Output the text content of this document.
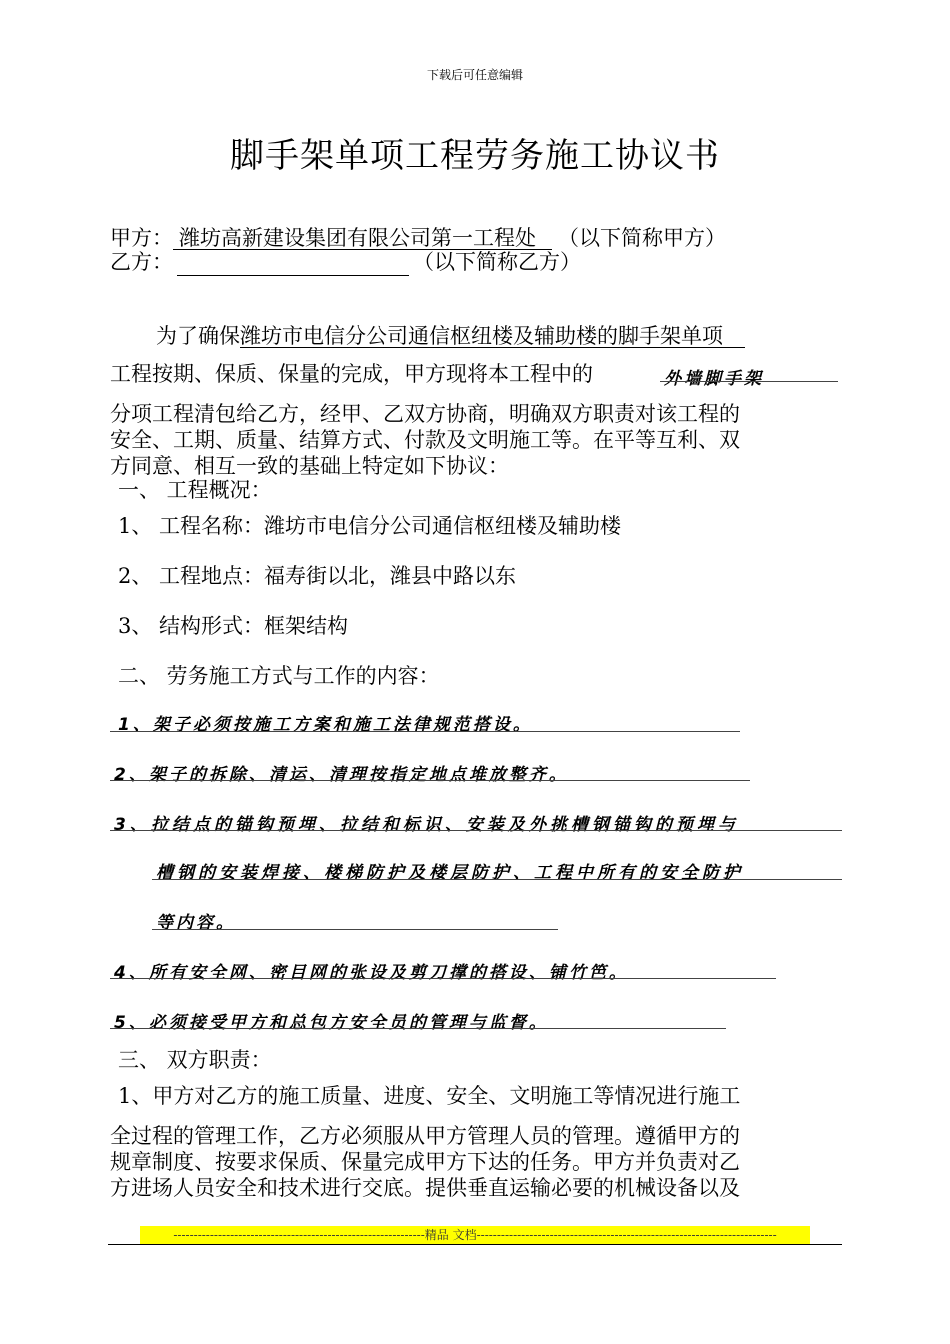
下载后可任意编辑
脚手架单项工程劳务施工协议书
甲方： 潍坊高新建设集团有限公司第一工程处 （以下简称甲方）
乙方：	（以下简称乙方）
为了确保潍坊市电信分公司通信枢纽楼及辅助楼的脚手架单项
工程按期、保质、保量的完成，甲方现将本工程中的	外墙脚手架
分项工程清包给乙方，经甲、乙双方协商，明确双方职责对该工程的
安全、工期、质量、结算方式、付款及文明施工等。在平等互利、双
方同意、相互一致的基础上特定如下协议：
一、 工程概况：
1、 工程名称：潍坊市电信分公司通信枢纽楼及辅助楼
2、 工程地点：福寿街以北，潍县中路以东
3、 结构形式：框架结构
二、 劳务施工方式与工作的内容：
1、架子必须按施工方案和施工法律规范搭设。
2、架子的拆除、清运、清理按指定地点堆放整齐。
3、拉结点的锚钩预埋、拉结和标识、安装及外挑槽钢锚钩的预埋与
槽钢的安装焊接、楼梯防护及楼层防护、工程中所有的安全防护
等内容。
4、所有安全网、密目网的张设及剪刀撑的搭设、铺竹笆。
5、必须接受甲方和总包方安全员的管理与监督。
三、 双方职责：
1、甲方对乙方的施工质量、进度、安全、文明施工等情况进行施工
全过程的管理工作，乙方必须服从甲方管理人员的管理。遵循甲方的
规章制度、按要求保质、保量完成甲方下达的任务。甲方并负责对乙
方进场人员安全和技术进行交底。提供垂直运输必要的机械设备以及
--------------------------------------------------------------精品 文档--------------------------------------------------------------------------
